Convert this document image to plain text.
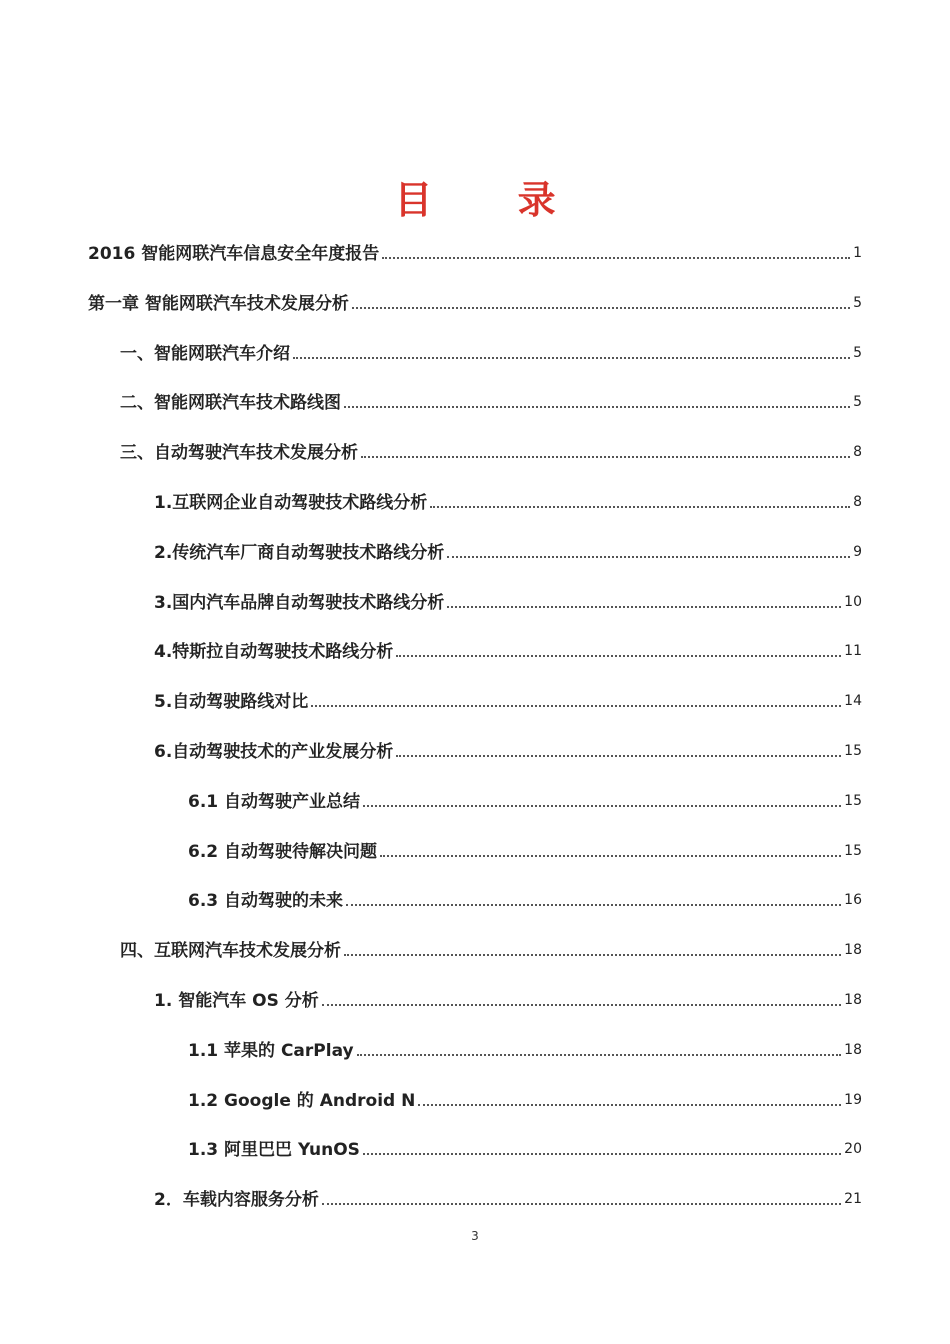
目 录
2016 智能网联汽车信息安全年度报告	1
第一章 智能网联汽车技术发展分析	5
一、智能网联汽车介绍	5
二、智能网联汽车技术路线图	5
三、自动驾驶汽车技术发展分析	8
1.互联网企业自动驾驶技术路线分析	8
2.传统汽车厂商自动驾驶技术路线分析	9
3.国内汽车品牌自动驾驶技术路线分析	10
4.特斯拉自动驾驶技术路线分析	11
5.自动驾驶路线对比	14
6.自动驾驶技术的产业发展分析	15
6.1 自动驾驶产业总结	15
6.2 自动驾驶待解决问题	15
6.3 自动驾驶的未来	16
四、互联网汽车技术发展分析	18
1. 智能汽车 OS 分析	18
1.1 苹果的 CarPlay	18
1.2 Google 的 Android N	19
1.3 阿里巴巴 YunOS	20
2．车载内容服务分析	21
3
